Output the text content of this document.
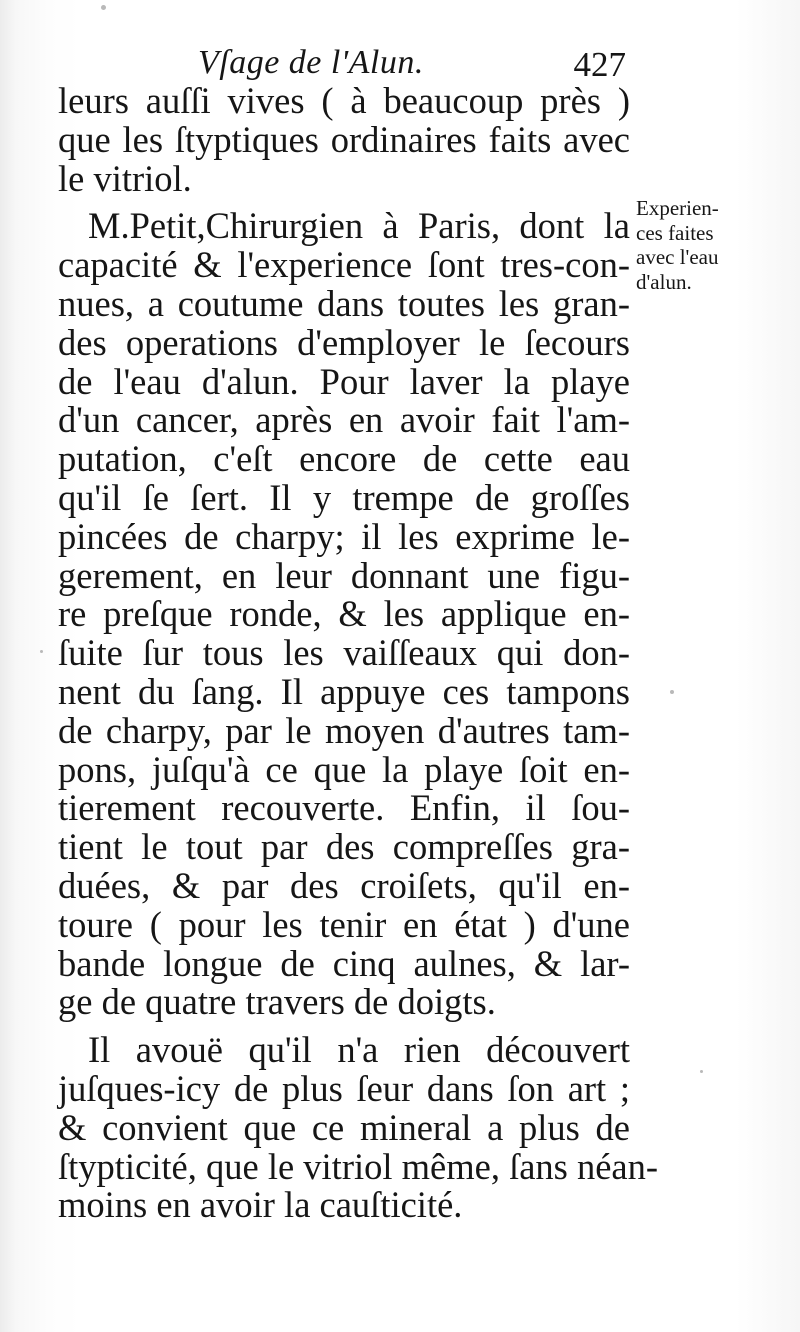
Vſage de l'Alun.	427
leurs auſſi vives ( à beaucoup près )
que les ſtyptiques ordinaires faits avec
le vitriol.
M.Petit,Chirurgien à Paris, dont la
capacité & l'experience ſont tres-con-
nues, a coutume dans toutes les gran-
des operations d'employer le ſecours
de l'eau d'alun. Pour laver la playe
d'un cancer, après en avoir fait l'am-
putation, c'eſt encore de cette eau
qu'il ſe ſert. Il y trempe de groſſes
pincées de charpy; il les exprime le-
gerement, en leur donnant une figu-
re preſque ronde, & les applique en-
ſuite ſur tous les vaiſſeaux qui don-
nent du ſang. Il appuye ces tampons
de charpy, par le moyen d'autres tam-
pons, juſqu'à ce que la playe ſoit en-
tierement recouverte. Enfin, il ſou-
tient le tout par des compreſſes gra-
duées, & par des croiſets, qu'il en-
toure ( pour les tenir en état ) d'une
bande longue de cinq aulnes, & lar-
ge de quatre travers de doigts.
Il avouë qu'il n'a rien découvert
juſques-icy de plus ſeur dans ſon art ;
& convient que ce mineral a plus de
ſtypticité, que le vitriol même, ſans néan-
moins en avoir la cauſticité.
Experien-
ces faites
avec l'eau
d'alun.
